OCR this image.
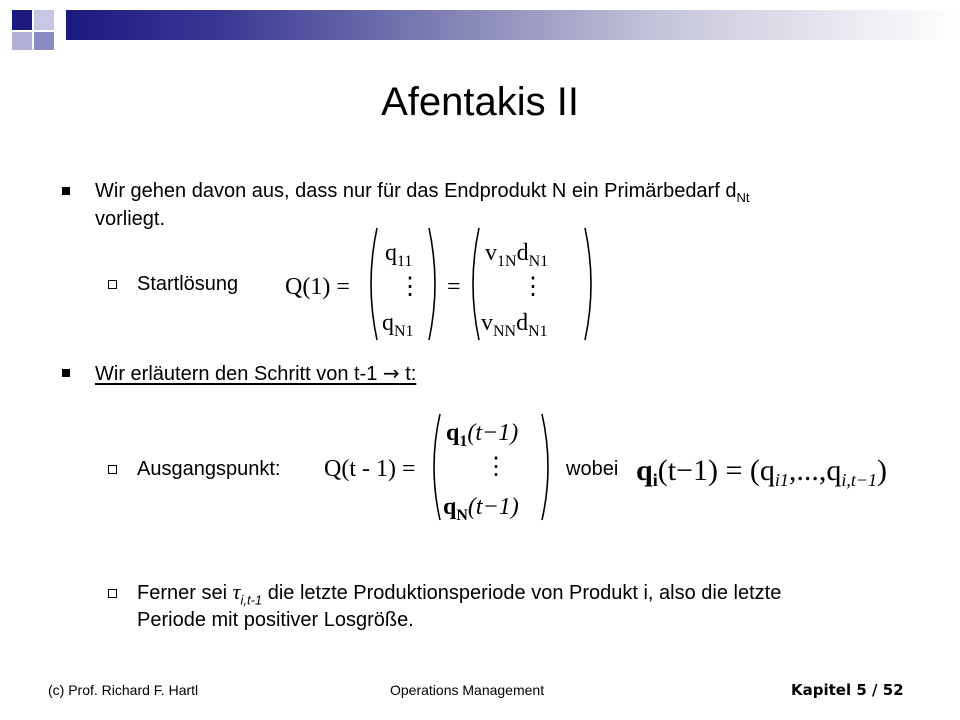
Afentakis II
Wir gehen davon aus, dass nur für das Endprodukt N ein Primärbedarf $d_{Nt}$
vorliegt.
Startlösung Q(1) =
$q_{11}$
⋮
$q_{N1}$
=
$v_{1N}d_{N1}$
⋮
$v_{NN}d_{N1}$
Wir erläutern den Schritt von t-1 → t:
Ausgangspunkt: Q(t - 1) =
$q_1(t-1)$
⋮
$q_N(t-1)$
wobei $q_i(t-1) = (q_{i1},...,q_{i,t-1})$
Ferner sei $\tau_{i,t-1}$ die letzte Produktionsperiode von Produkt i, also die letzte
Periode mit positiver Losgröße.
(c) Prof. Richard F. Hartl	Operations Management	Kapitel 5 / 52
